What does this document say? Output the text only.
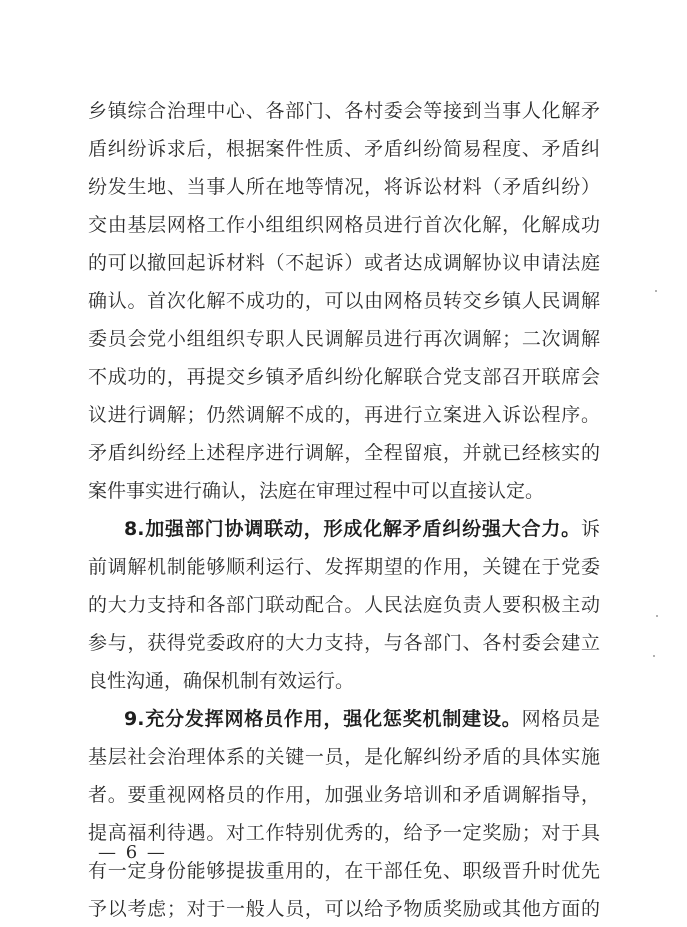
乡镇综合治理中心、各部门、各村委会等接到当事人化解矛
盾纠纷诉求后，根据案件性质、矛盾纠纷简易程度、矛盾纠
纷发生地、当事人所在地等情况，将诉讼材料（矛盾纠纷）
交由基层网格工作小组组织网格员进行首次化解，化解成功
的可以撤回起诉材料（不起诉）或者达成调解协议申请法庭
确认。首次化解不成功的，可以由网格员转交乡镇人民调解
委员会党小组组织专职人民调解员进行再次调解；二次调解
不成功的，再提交乡镇矛盾纠纷化解联合党支部召开联席会
议进行调解；仍然调解不成的，再进行立案进入诉讼程序。
矛盾纠纷经上述程序进行调解，全程留痕，并就已经核实的
案件事实进行确认，法庭在审理过程中可以直接认定。
8.加强部门协调联动，形成化解矛盾纠纷强大合力。诉
前调解机制能够顺利运行、发挥期望的作用，关键在于党委
的大力支持和各部门联动配合。人民法庭负责人要积极主动
参与，获得党委政府的大力支持，与各部门、各村委会建立
良性沟通，确保机制有效运行。
9.充分发挥网格员作用，强化惩奖机制建设。网格员是
基层社会治理体系的关键一员，是化解纠纷矛盾的具体实施
者。要重视网格员的作用，加强业务培训和矛盾调解指导，
提高福利待遇。对工作特别优秀的，给予一定奖励；对于具
有一定身份能够提拔重用的，在干部任免、职级晋升时优先
予以考虑；对于一般人员，可以给予物质奖励或其他方面的
— 6 —
